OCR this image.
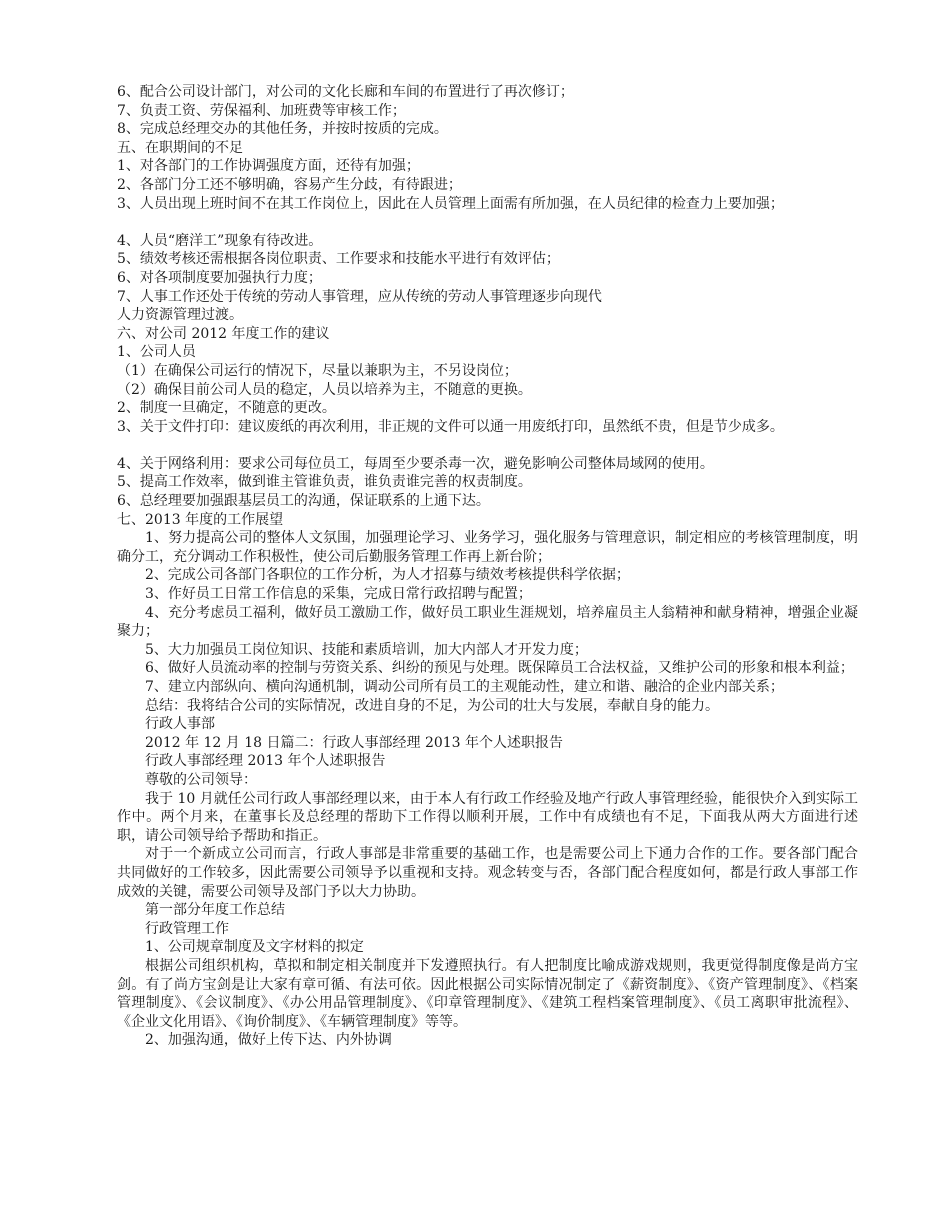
6、配合公司设计部门，对公司的文化长廊和车间的布置进行了再次修订；
7、负责工资、劳保福利、加班费等审核工作；
8、完成总经理交办的其他任务，并按时按质的完成。
五、在职期间的不足
1、对各部门的工作协调强度方面，还待有加强；
2、各部门分工还不够明确，容易产生分歧，有待跟进；
3、人员出现上班时间不在其工作岗位上，因此在人员管理上面需有所加强，在人员纪律的检查力上要加强；
4、人员“磨洋工”现象有待改进。
5、绩效考核还需根据各岗位职责、工作要求和技能水平进行有效评估；
6、对各项制度要加强执行力度；
7、人事工作还处于传统的劳动人事管理，应从传统的劳动人事管理逐步向现代
人力资源管理过渡。
六、对公司 2012 年度工作的建议
1、公司人员
（1）在确保公司运行的情况下，尽量以兼职为主，不另设岗位；
（2）确保目前公司人员的稳定，人员以培养为主，不随意的更换。
2、制度一旦确定，不随意的更改。
3、关于文件打印：建议废纸的再次利用，非正规的文件可以通一用废纸打印，虽然纸不贵，但是节少成多。
4、关于网络利用：要求公司每位员工，每周至少要杀毒一次，避免影响公司整体局域网的使用。
5、提高工作效率，做到谁主管谁负责，谁负责谁完善的权责制度。
6、总经理要加强跟基层员工的沟通，保证联系的上通下达。
七、2013 年度的工作展望
1、努力提高公司的整体人文氛围，加强理论学习、业务学习，强化服务与管理意识，制定相应的考核管理制度，明确分工，充分调动工作积极性，使公司后勤服务管理工作再上新台阶；
2、完成公司各部门各职位的工作分析，为人才招募与绩效考核提供科学依据；
3、作好员工日常工作信息的采集，完成日常行政招聘与配置；
4、充分考虑员工福利，做好员工激励工作，做好员工职业生涯规划，培养雇员主人翁精神和献身精神，增强企业凝聚力；
5、大力加强员工岗位知识、技能和素质培训，加大内部人才开发力度；
6、做好人员流动率的控制与劳资关系、纠纷的预见与处理。既保障员工合法权益，又维护公司的形象和根本利益；
7、建立内部纵向、横向沟通机制，调动公司所有员工的主观能动性，建立和谐、融洽的企业内部关系；
总结：我将结合公司的实际情况，改进自身的不足，为公司的壮大与发展，奉献自身的能力。
行政人事部
2012 年 12 月 18 日篇二：行政人事部经理 2013 年个人述职报告
行政人事部经理 2013 年个人述职报告
尊敬的公司领导：
我于 10 月就任公司行政人事部经理以来，由于本人有行政工作经验及地产行政人事管理经验，能很快介入到实际工作中。两个月来，在董事长及总经理的帮助下工作得以顺利开展，工作中有成绩也有不足，下面我从两大方面进行述职，请公司领导给予帮助和指正。
对于一个新成立公司而言，行政人事部是非常重要的基础工作，也是需要公司上下通力合作的工作。要各部门配合共同做好的工作较多，因此需要公司领导予以重视和支持。观念转变与否，各部门配合程度如何，都是行政人事部工作成效的关键，需要公司领导及部门予以大力协助。
第一部分年度工作总结
行政管理工作
1、公司规章制度及文字材料的拟定
根据公司组织机构，草拟和制定相关制度并下发遵照执行。有人把制度比喻成游戏规则，我更觉得制度像是尚方宝剑。有了尚方宝剑是让大家有章可循、有法可依。因此根据公司实际情况制定了《薪资制度》、《资产管理制度》、《档案管理制度》、《会议制度》、《办公用品管理制度》、《印章管理制度》、《建筑工程档案管理制度》、《员工离职审批流程》、《企业文化用语》、《询价制度》、《车辆管理制度》等等。
2、加强沟通，做好上传下达、内外协调
